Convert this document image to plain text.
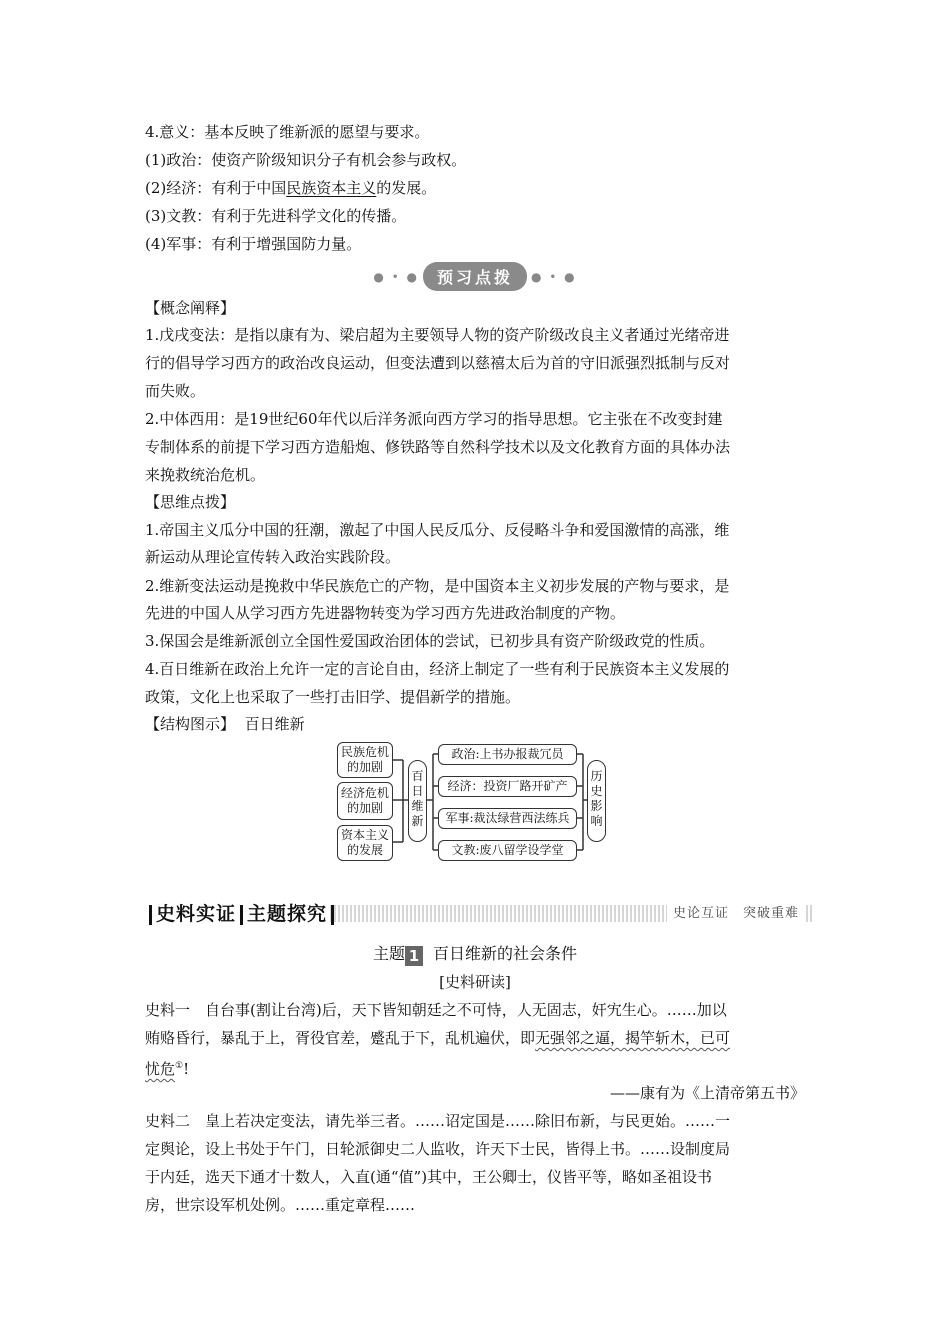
4.意义：基本反映了维新派的愿望与要求。
(1)政治：使资产阶级知识分子有机会参与政权。
(2)经济：有利于中国民族资本主义的发展。
(3)文教：有利于先进科学文化的传播。
(4)军事：有利于增强国防力量。
● • ● 预习点拨 ● • ●
【概念阐释】
1.戊戌变法：是指以康有为、梁启超为主要领导人物的资产阶级改良主义者通过光绪帝进
行的倡导学习西方的政治改良运动，但变法遭到以慈禧太后为首的守旧派强烈抵制与反对
而失败。
2.中体西用：是19世纪60年代以后洋务派向西方学习的指导思想。它主张在不改变封建
专制体系的前提下学习西方造船炮、修铁路等自然科学技术以及文化教育方面的具体办法
来挽救统治危机。
【思维点拨】
1.帝国主义瓜分中国的狂潮，激起了中国人民反瓜分、反侵略斗争和爱国激情的高涨，维
新运动从理论宣传转入政治实践阶段。
2.维新变法运动是挽救中华民族危亡的产物，是中国资本主义初步发展的产物与要求，是
先进的中国人从学习西方先进器物转变为学习西方先进政治制度的产物。
3.保国会是维新派创立全国性爱国政治团体的尝试，已初步具有资产阶级政党的性质。
4.百日维新在政治上允许一定的言论自由，经济上制定了一些有利于民族资本主义发展的
政策，文化上也采取了一些打击旧学、提倡新学的措施。
【结构图示】 百日维新
民族危机
的加剧
经济危机
的加剧
资本主义
的发展
百
日
维
新
政治:上书办报裁冗员
经济：投资厂路开矿产
军事:裁汰绿营西法练兵
文教:废八留学设学堂
历
史
影
响
史料实证 主题探究	史论互证　突破重难
主题 1 百日维新的社会条件
[史料研读]
史料一　自台事(割让台湾)后，天下皆知朝廷之不可恃，人无固志，奸宄生心。……加以
贿赂昏行，暴乱于上，胥役官差，蹙乱于下，乱机遍伏，即无强邻之逼，揭竿斩木，已可
忧危①!
——康有为《上清帝第五书》
史料二　皇上若决定变法，请先举三者。……诏定国是……除旧布新，与民更始。……一
定舆论，设上书处于午门，日轮派御史二人监收，许天下士民，皆得上书。……设制度局
于内廷，选天下通才十数人，入直(通“值”)其中，王公卿士，仪皆平等，略如圣祖设书
房，世宗设军机处例。……重定章程……
